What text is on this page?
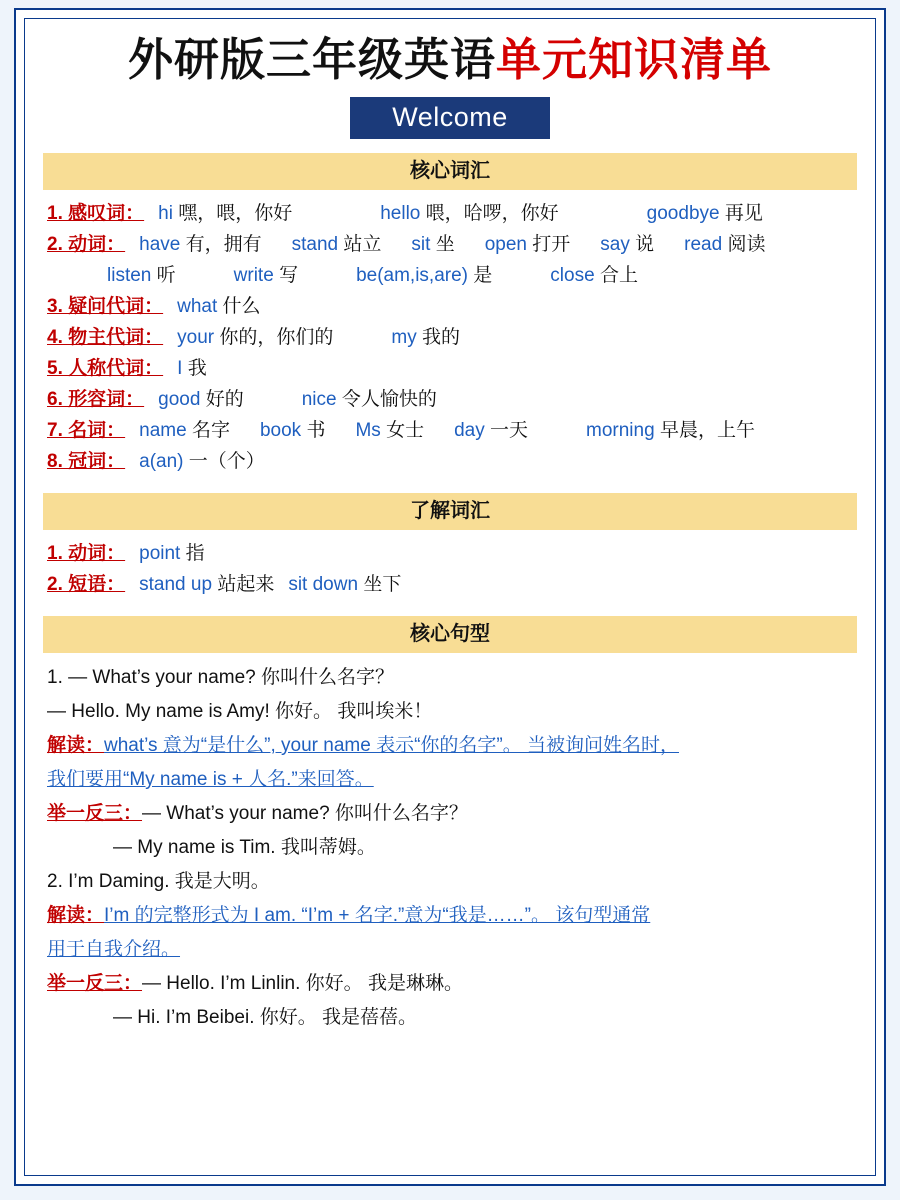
外研版三年级英语单元知识清单
Welcome
核心词汇
1. 感叹词： hi 嘿，喂，你好	hello 喂，哈啰，你好	goodbye 再见
2. 动词： have 有，拥有 stand 站立 sit 坐 open 打开 say 说 read 阅读
listen 听	write 写	be(am,is,are) 是	close 合上
3. 疑问代词： what 什么
4. 物主代词： your 你的，你们的	my 我的
5. 人称代词： I 我
6. 形容词： good 好的	nice 令人愉快的
7. 名词： name 名字 book 书 Ms 女士 day 一天	morning 早晨，上午
8. 冠词： a(an) 一（个）
了解词汇
1. 动词： point 指
2. 短语： stand up 站起来 sit down 坐下
核心句型
1. — What’s your name? 你叫什么名字？
— Hello. My name is Amy! 你好。 我叫埃米！
解读：what’s 意为“是什么”, your name 表示“你的名字”。 当被询问姓名时，
我们要用“My name is + 人名.”来回答。
举一反三：— What’s your name? 你叫什么名字？
— My name is Tim. 我叫蒂姆。
2. I’m Daming. 我是大明。
解读：I’m 的完整形式为 I am. “I’m + 名字.”意为“我是……”。 该句型通常
用于自我介绍。
举一反三：— Hello. I’m Linlin. 你好。 我是琳琳。
— Hi. I’m Beibei. 你好。 我是蓓蓓。
